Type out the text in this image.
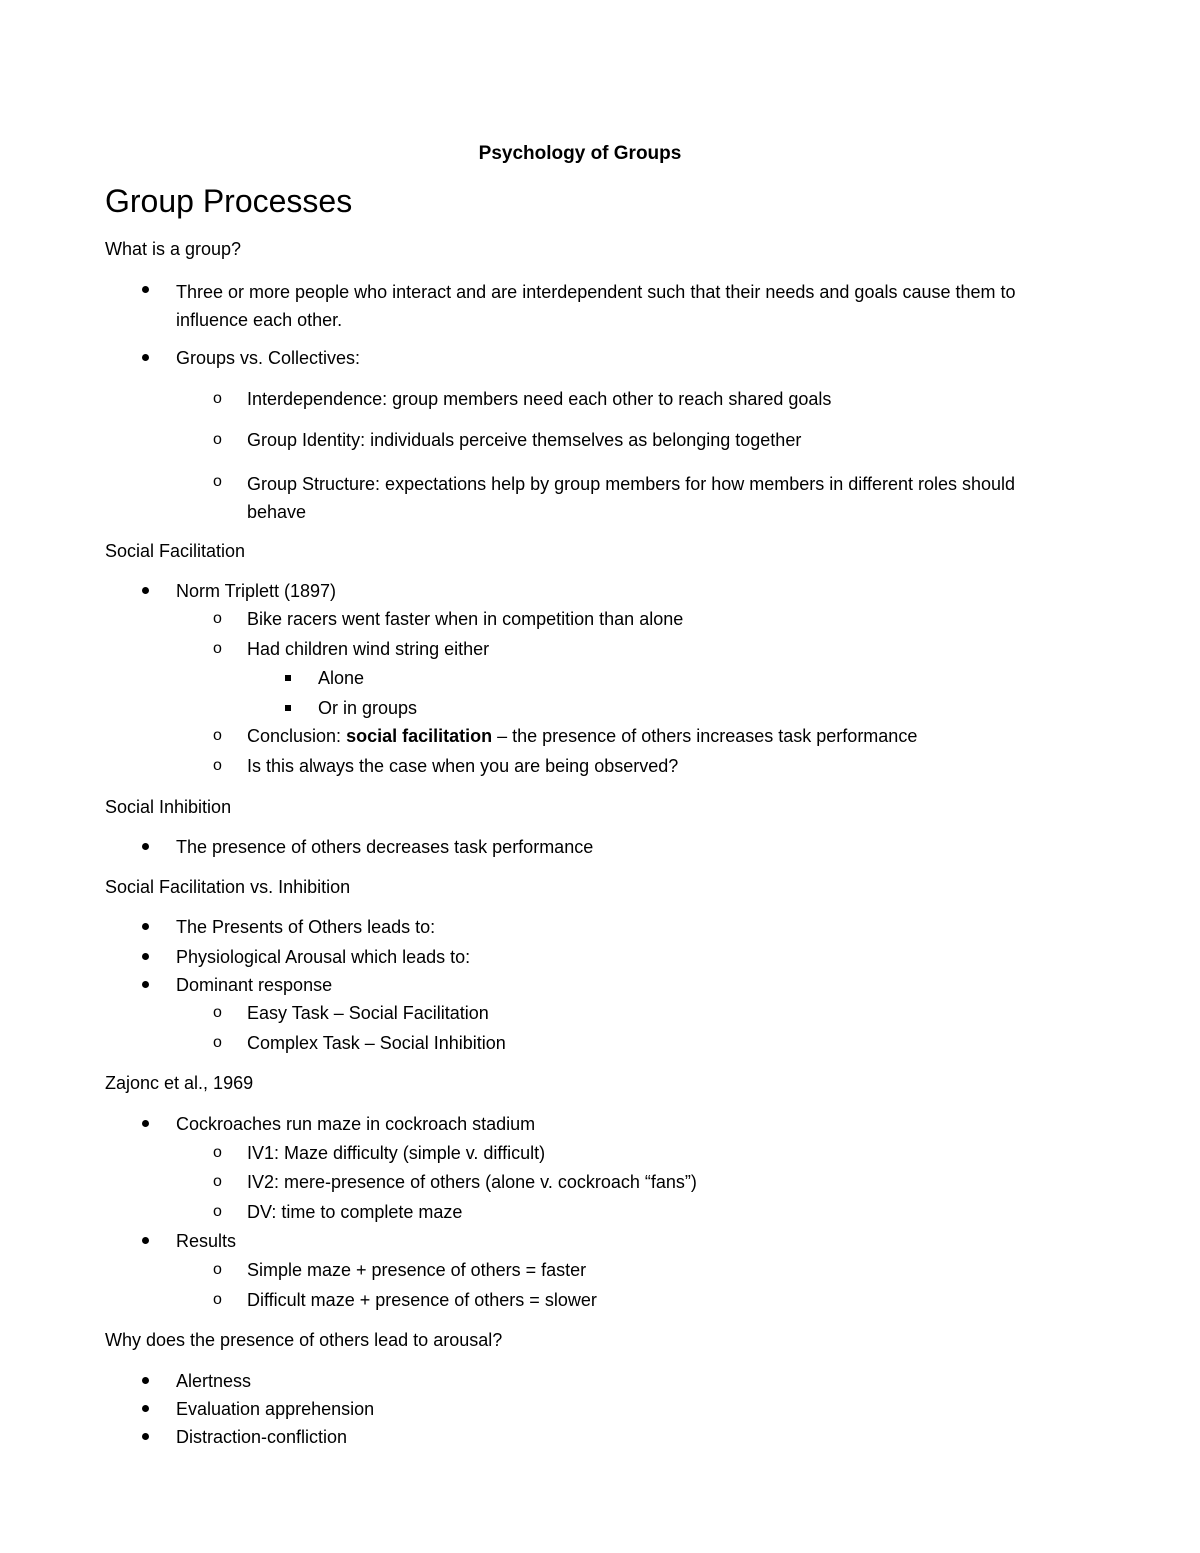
Psychology of Groups
Group Processes
What is a group?
Three or more people who interact and are interdependent such that their needs and goals cause them to influence each other.
Groups vs. Collectives:
o Interdependence: group members need each other to reach shared goals
o Group Identity: individuals perceive themselves as belonging together
o Group Structure: expectations help by group members for how members in different roles should behave
Social Facilitation
Norm Triplett (1897)
o Bike racers went faster when in competition than alone
o Had children wind string either
Alone
Or in groups
o Conclusion: social facilitation – the presence of others increases task performance
o Is this always the case when you are being observed?
Social Inhibition
The presence of others decreases task performance
Social Facilitation vs. Inhibition
The Presents of Others leads to:
Physiological Arousal which leads to:
Dominant response
o Easy Task – Social Facilitation
o Complex Task – Social Inhibition
Zajonc et al., 1969
Cockroaches run maze in cockroach stadium
o IV1: Maze difficulty (simple v. difficult)
o IV2: mere-presence of others (alone v. cockroach “fans”)
o DV: time to complete maze
Results
o Simple maze + presence of others = faster
o Difficult maze + presence of others = slower
Why does the presence of others lead to arousal?
Alertness
Evaluation apprehension
Distraction-confliction
